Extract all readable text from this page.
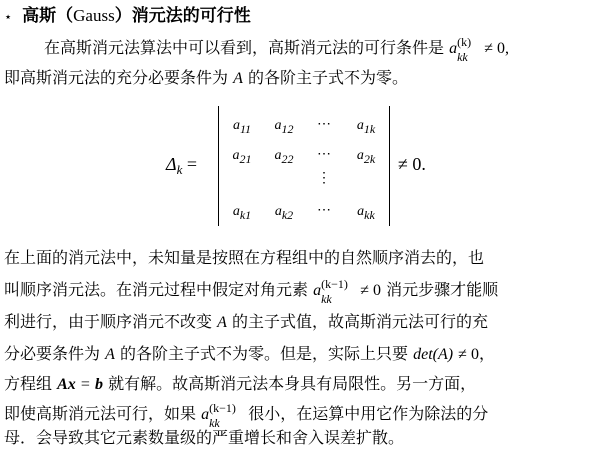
⋆ 高斯（Gauss）消元法的可行性
在高斯消元法算法中可以看到，高斯消元法的可行条件是 a (k)
kk ≠ 0,
即高斯消元法的充分必要条件为 A 的各阶主子式不为零。
$\Delta_k$ =
a11	a12	⋯	a1k
a21	a22	⋯	a2k
⋮
ak1	ak2	⋯	akk
≠ 0.
在上面的消元法中，未知量是按照在方程组中的自然顺序消去的，也
叫顺序消元法。在消元过程中假定对角元素 a (k−1)
kk ≠ 0 消元步骤才能顺
利进行，由于顺序消元不改变 A 的主子式值，故高斯消元法可行的充
分必要条件为 A 的各阶主子式不为零。但是，实际上只要 det(A) ≠ 0，
方程组 Ax = b 就有解。故高斯消元法本身具有局限性。另一方面，
即使高斯消元法可行，如果 a (k−1)
kk 很小，在运算中用它作为除法的分
母．会导致其它元素数量级的严重增长和舍入误差扩散。
